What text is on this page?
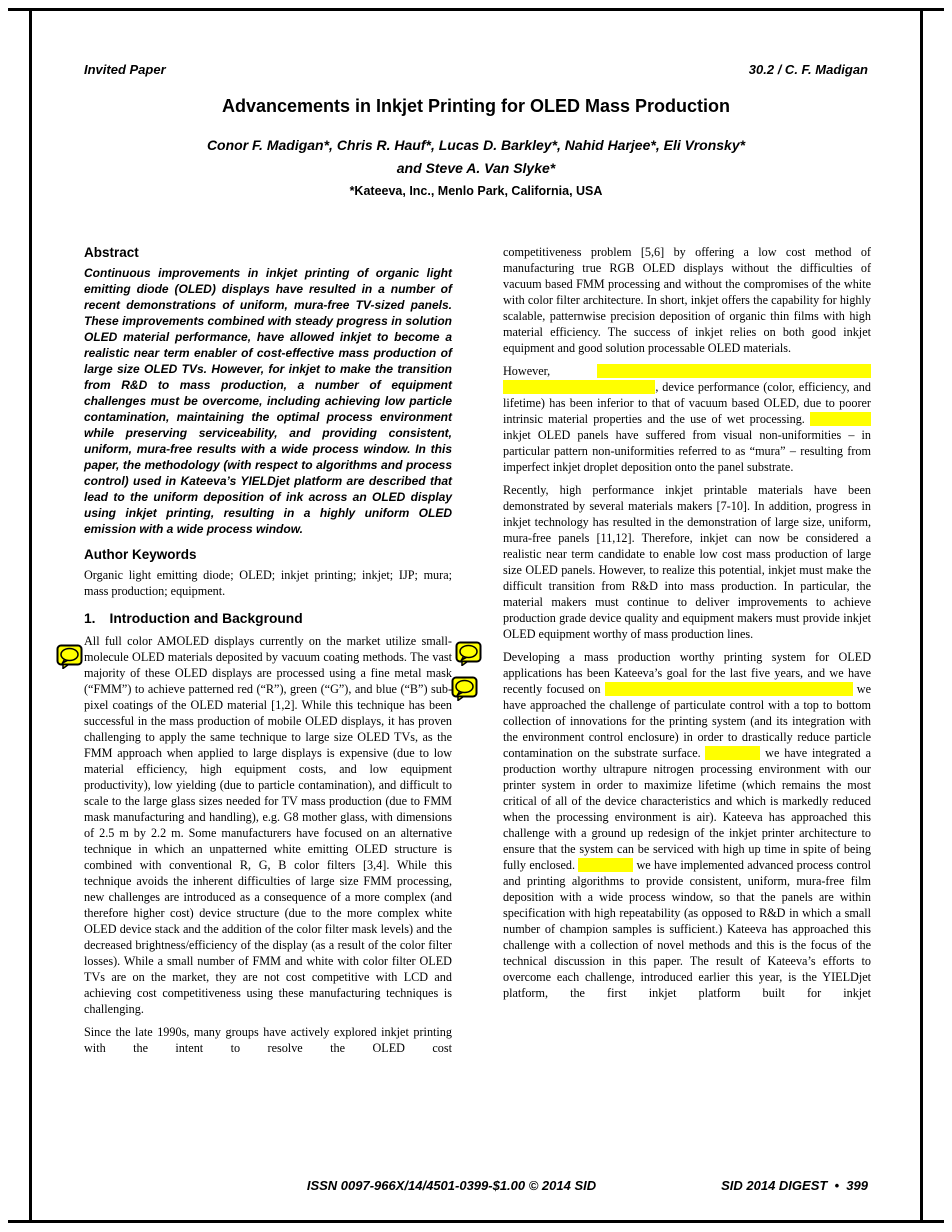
Invited Paper	30.2 / C. F. Madigan
Advancements in Inkjet Printing for OLED Mass Production
Conor F. Madigan*, Chris R. Hauf*, Lucas D. Barkley*, Nahid Harjee*, Eli Vronsky*
and Steve A. Van Slyke*
*Kateeva, Inc., Menlo Park, California, USA
Abstract

Continuous improvements in inkjet printing of organic light emitting diode (OLED) displays have resulted in a number of recent demonstrations of uniform, mura-free TV-sized panels. These improvements combined with steady progress in solution OLED material performance, have allowed inkjet to become a realistic near term enabler of cost-effective mass production of large size OLED TVs. However, for inkjet to make the transition from R&D to mass production, a number of equipment challenges must be overcome, including achieving low particle contamination, maintaining the optimal process environment while preserving serviceability, and providing consistent, uniform, mura-free results with a wide process window. In this paper, the methodology (with respect to algorithms and process control) used in Kateeva’s YIELDjet platform are described that lead to the uniform deposition of ink across an OLED display using inkjet printing, resulting in a highly uniform OLED emission with a wide process window.

Author Keywords

Organic light emitting diode; OLED; inkjet printing; inkjet; IJP; mura; mass production; equipment.

1. Introduction and Background

All full color AMOLED displays currently on the market utilize small-molecule OLED materials deposited by vacuum coating methods. The vast majority of these OLED displays are processed using a fine metal mask (“FMM”) to achieve patterned red (“R”), green (“G”), and blue (“B”) sub-pixel coatings of the OLED material [1,2]. While this technique has been successful in the mass production of mobile OLED displays, it has proven challenging to apply the same technique to large size OLED TVs, as the FMM approach when applied to large displays is expensive (due to low material efficiency, high equipment costs, and low equipment productivity), low yielding (due to particle contamination), and difficult to scale to the large glass sizes needed for TV mass production (due to FMM mask manufacturing and handling), e.g. G8 mother glass, with dimensions of 2.5 m by 2.2 m. Some manufacturers have focused on an alternative technique in which an unpatterned white emitting OLED structure is combined with conventional R, G, B color filters [3,4]. While this technique avoids the inherent difficulties of large size FMM processing, new challenges are introduced as a consequence of a more complex (and therefore higher cost) device structure (due to the more complex white OLED device stack and the addition of the color filter mask levels) and the decreased brightness/efficiency of the display (as a result of the color filter losses). While a small number of FMM and white with color filter OLED TVs are on the market, they are not cost competitive with LCD and achieving cost competitiveness using these manufacturing techniques is challenging.

Since the late 1990s, many groups have actively explored inkjet printing with the intent to resolve the OLED cost

competitiveness problem [5,6] by offering a low cost method of manufacturing true RGB OLED displays without the difficulties of vacuum based FMM processing and without the compromises of the white with color filter architecture. In short, inkjet offers the capability for highly scalable, patternwise precision deposition of organic thin films with high material efficiency. The success of inkjet relies on both good inkjet equipment and good solution processable OLED materials.

However, , device performance (color, efficiency, and lifetime) has been inferior to that of vacuum based OLED, due to poorer intrinsic material properties and the use of wet processing. inkjet OLED panels have suffered from visual non-uniformities – in particular pattern non-uniformities referred to as “mura” – resulting from imperfect inkjet droplet deposition onto the panel substrate.

Recently, high performance inkjet printable materials have been demonstrated by several materials makers [7-10]. In addition, progress in inkjet technology has resulted in the demonstration of large size, uniform, mura-free panels [11,12]. Therefore, inkjet can now be considered a realistic near term candidate to enable low cost mass production of large size OLED panels. However, to realize this potential, inkjet must make the difficult transition from R&D into mass production. In particular, the material makers must continue to deliver improvements to achieve production grade device quality and equipment makers must provide inkjet OLED equipment worthy of mass production lines.

Developing a mass production worthy printing system for OLED applications has been Kateeva’s goal for the last five years, and we have recently focused on	we have approached the challenge of particulate control with a top to bottom collection of innovations for the printing system (and its integration with the environment control enclosure) in order to drastically reduce particle contamination on the substrate surface.	we have integrated a production worthy ultrapure nitrogen processing environment with our printer system in order to maximize lifetime (which remains the most critical of all of the device characteristics and which is markedly reduced when the processing environment is air). Kateeva has approached this challenge with a ground up redesign of the inkjet printer architecture to ensure that the system can be serviced with high up time in spite of being fully enclosed.	we have implemented advanced process control and printing algorithms to provide consistent, uniform, mura-free film deposition with a wide process window, so that the panels are within specification with high repeatability (as opposed to R&D in which a small number of champion samples is sufficient.) Kateeva has approached this challenge with a collection of novel methods and this is the focus of the technical discussion in this paper. The result of Kateeva’s efforts to overcome each challenge, introduced earlier this year, is the YIELDjet platform, the first inkjet platform built for inkjet

ISSN 0097-966X/14/4501-0399-$1.00 © 2014 SID	SID 2014 DIGEST  •  399
